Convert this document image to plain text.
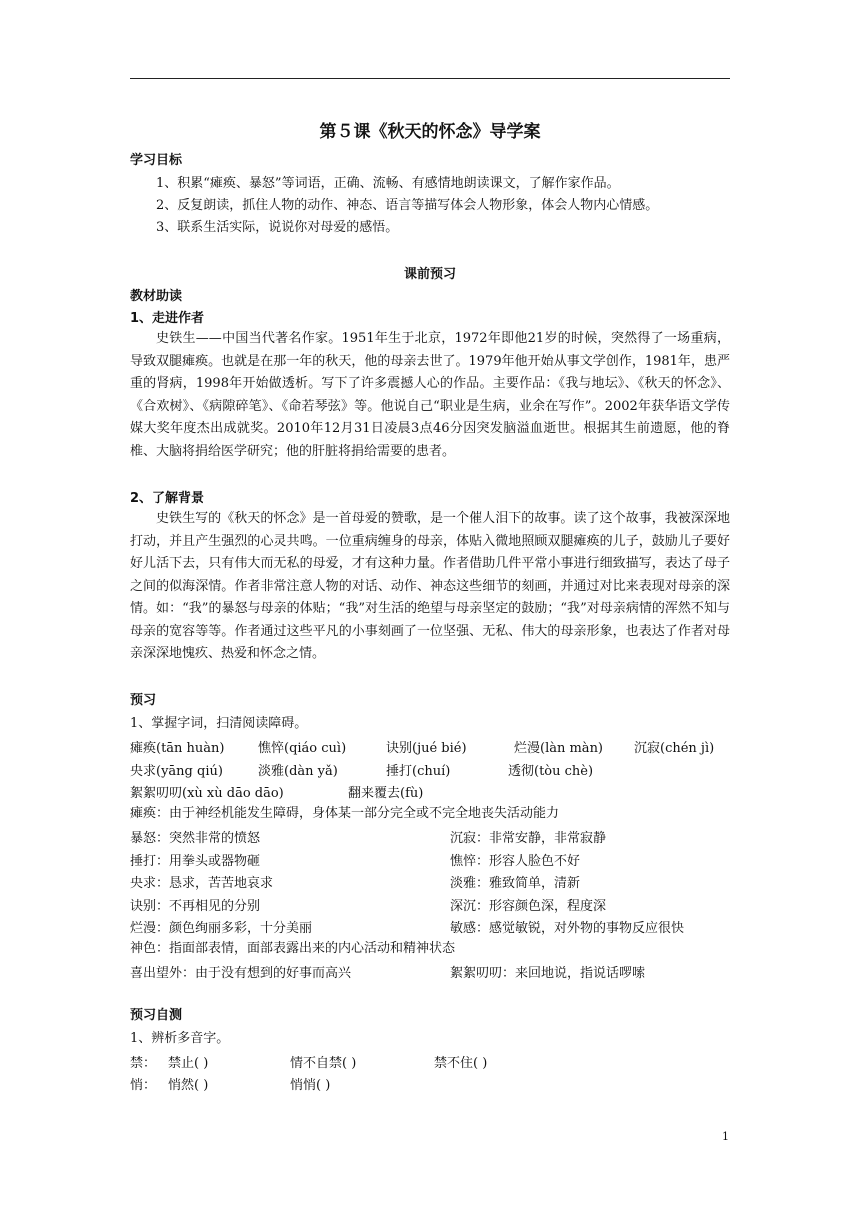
第５课《秋天的怀念》导学案
学习目标
1、积累“瘫痪、暴怒”等词语，正确、流畅、有感情地朗读课文，了解作家作品。
2、反复朗读，抓住人物的动作、神态、语言等描写体会人物形象，体会人物内心情感。
3、联系生活实际，说说你对母爱的感悟。
课前预习
教材助读
1、走进作者
史铁生——中国当代著名作家。1951年生于北京，1972年即他21岁的时候，突然得了一场重病，导致双腿瘫痪。也就是在那一年的秋天，他的母亲去世了。1979年他开始从事文学创作，1981年，患严重的肾病，1998年开始做透析。写下了许多震撼人心的作品。主要作品：《我与地坛》、《秋天的怀念》、《合欢树》、《病隙碎笔》、《命若琴弦》等。他说自己“职业是生病，业余在写作”。2002年获华语文学传媒大奖年度杰出成就奖。2010年12月31日凌晨3点46分因突发脑溢血逝世。根据其生前遗愿，他的脊椎、大脑将捐给医学研究；他的肝脏将捐给需要的患者。
2、了解背景
史铁生写的《秋天的怀念》是一首母爱的赞歌，是一个催人泪下的故事。读了这个故事，我被深深地打动，并且产生强烈的心灵共鸣。一位重病缠身的母亲，体贴入微地照顾双腿瘫痪的儿子，鼓励儿子要好好儿活下去，只有伟大而无私的母爱，才有这种力量。作者借助几件平常小事进行细致描写，表达了母子之间的似海深情。作者非常注意人物的对话、动作、神态这些细节的刻画，并通过对比来表现对母亲的深情。如：“我”的暴怒与母亲的体贴；“我”对生活的绝望与母亲坚定的鼓励；“我”对母亲病情的浑然不知与母亲的宽容等等。作者通过这些平凡的小事刻画了一位坚强、无私、伟大的母亲形象，也表达了作者对母亲深深地愧疚、热爱和怀念之情。
预习
1、掌握字词，扫清阅读障碍。
瘫痪(tān huàn)	憔悴(qiáo cuì)	诀别(jué bié)	烂漫(làn màn) 沉寂(chén jì)
央求(yāng qiú)	淡雅(dàn yǎ)	捶打(chuí)	透彻(tòu chè)
絮絮叨叨(xù xù dāo dāo)	翻来覆去(fù)
瘫痪：由于神经机能发生障碍，身体某一部分完全或不完全地丧失活动能力
暴怒：突然非常的愤怒	沉寂：非常安静，非常寂静
捶打：用拳头或器物砸	憔悴：形容人脸色不好
央求：恳求，苦苦地哀求	淡雅：雅致简单，清新
诀别：不再相见的分别	深沉：形容颜色深，程度深
烂漫：颜色绚丽多彩，十分美丽	敏感：感觉敏锐，对外物的事物反应很快
神色：指面部表情，面部表露出来的内心活动和精神状态
喜出望外：由于没有想到的好事而高兴	絮絮叨叨：来回地说，指说话啰嗦
预习自测
1、辨析多音字。
禁： 禁止( )	情不自禁( )	禁不住( )
悄： 悄然( )	悄悄( )
1
